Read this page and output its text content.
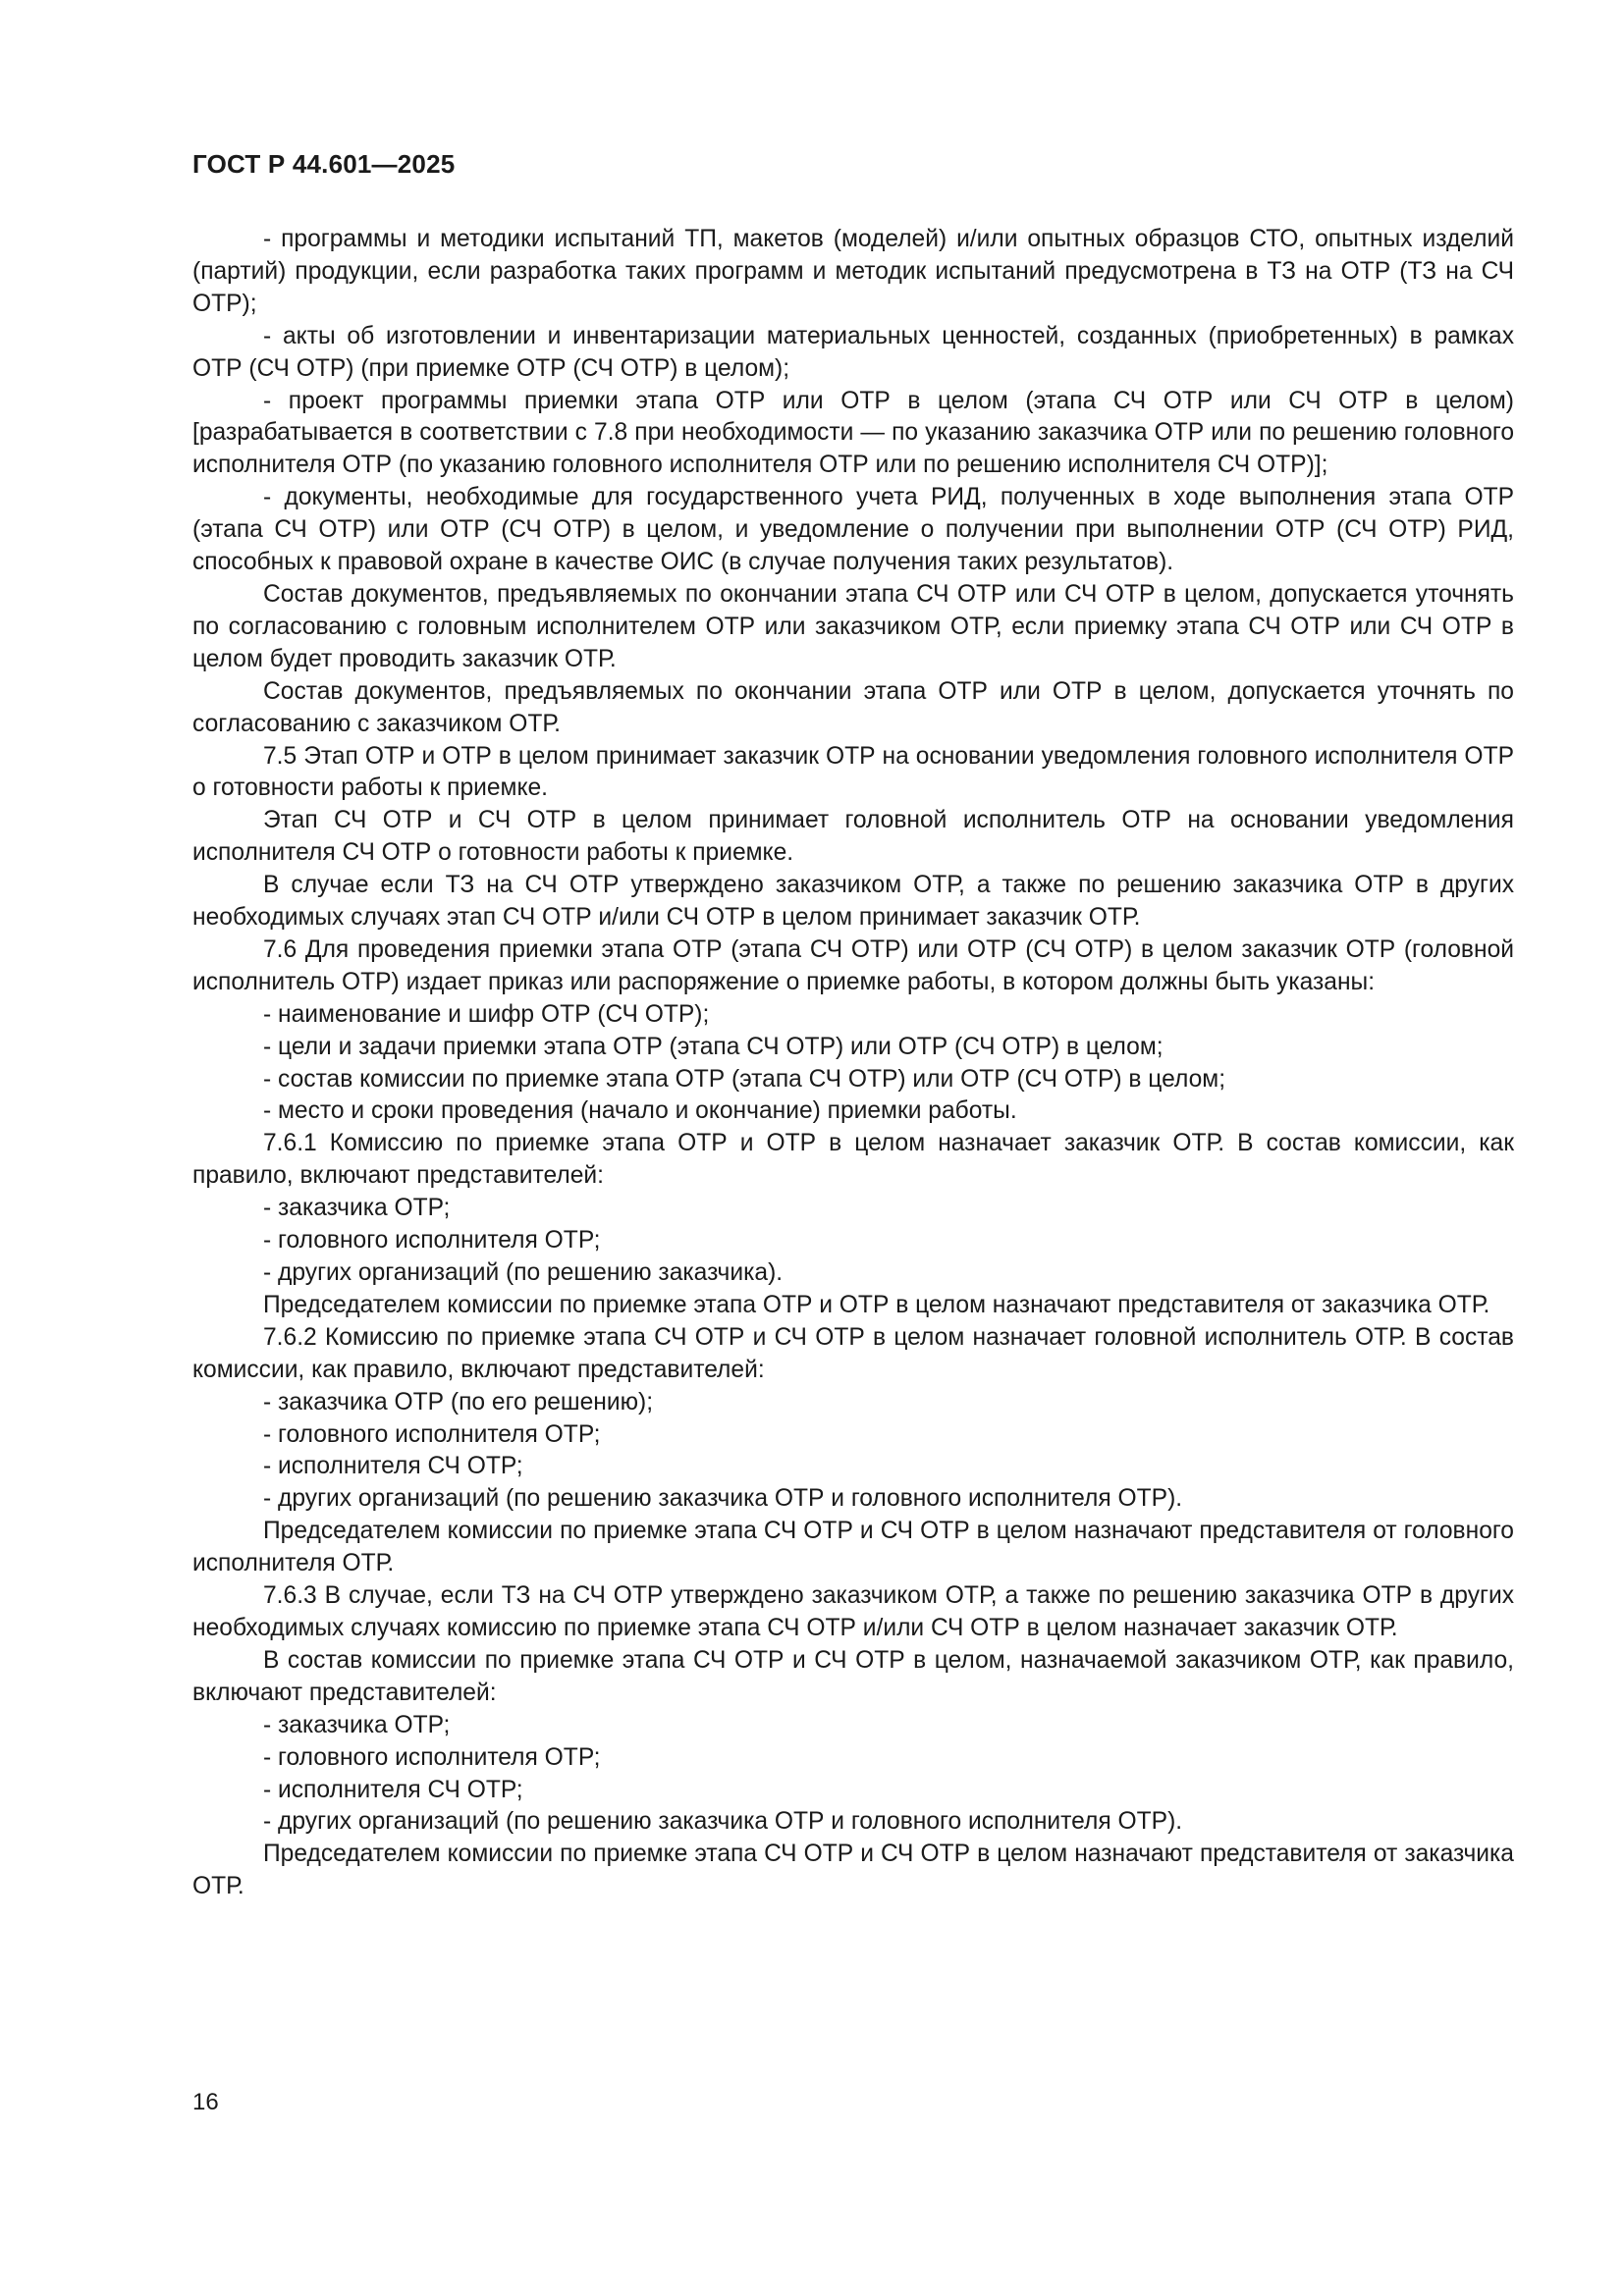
ГОСТ Р 44.601—2025

- программы и методики испытаний ТП, макетов (моделей) и/или опытных образцов СТО, опытных изделий (партий) продукции, если разработка таких программ и методик испытаний предусмотрена в ТЗ на ОТР (ТЗ на СЧ ОТР);

- акты об изготовлении и инвентаризации материальных ценностей, созданных (приобретенных) в рамках ОТР (СЧ ОТР) (при приемке ОТР (СЧ ОТР) в целом);

- проект программы приемки этапа ОТР или ОТР в целом (этапа СЧ ОТР или СЧ ОТР в целом) [разрабатывается в соответствии с 7.8 при необходимости — по указанию заказчика ОТР или по решению головного исполнителя ОТР (по указанию головного исполнителя ОТР или по решению исполнителя СЧ ОТР)];

- документы, необходимые для государственного учета РИД, полученных в ходе выполнения этапа ОТР (этапа СЧ ОТР) или ОТР (СЧ ОТР) в целом, и уведомление о получении при выполнении ОТР (СЧ ОТР) РИД, способных к правовой охране в качестве ОИС (в случае получения таких результатов).

Состав документов, предъявляемых по окончании этапа СЧ ОТР или СЧ ОТР в целом, допускается уточнять по согласованию с головным исполнителем ОТР или заказчиком ОТР, если приемку этапа СЧ ОТР или СЧ ОТР в целом будет проводить заказчик ОТР.

Состав документов, предъявляемых по окончании этапа ОТР или ОТР в целом, допускается уточнять по согласованию с заказчиком ОТР.

7.5 Этап ОТР и ОТР в целом принимает заказчик ОТР на основании уведомления головного исполнителя ОТР о готовности работы к приемке.

Этап СЧ ОТР и СЧ ОТР в целом принимает головной исполнитель ОТР на основании уведомления исполнителя СЧ ОТР о готовности работы к приемке.

В случае если ТЗ на СЧ ОТР утверждено заказчиком ОТР, а также по решению заказчика ОТР в других необходимых случаях этап СЧ ОТР и/или СЧ ОТР в целом принимает заказчик ОТР.

7.6 Для проведения приемки этапа ОТР (этапа СЧ ОТР) или ОТР (СЧ ОТР) в целом заказчик ОТР (головной исполнитель ОТР) издает приказ или распоряжение о приемке работы, в котором должны быть указаны:

- наименование и шифр ОТР (СЧ ОТР);

- цели и задачи приемки этапа ОТР (этапа СЧ ОТР) или ОТР (СЧ ОТР) в целом;

- состав комиссии по приемке этапа ОТР (этапа СЧ ОТР) или ОТР (СЧ ОТР) в целом;

- место и сроки проведения (начало и окончание) приемки работы.

7.6.1 Комиссию по приемке этапа ОТР и ОТР в целом назначает заказчик ОТР. В состав комиссии, как правило, включают представителей:

- заказчика ОТР;

- головного исполнителя ОТР;

- других организаций (по решению заказчика).

Председателем комиссии по приемке этапа ОТР и ОТР в целом назначают представителя от заказчика ОТР.

7.6.2 Комиссию по приемке этапа СЧ ОТР и СЧ ОТР в целом назначает головной исполнитель ОТР. В состав комиссии, как правило, включают представителей:

- заказчика ОТР (по его решению);

- головного исполнителя ОТР;

- исполнителя СЧ ОТР;

- других организаций (по решению заказчика ОТР и головного исполнителя ОТР).

Председателем комиссии по приемке этапа СЧ ОТР и СЧ ОТР в целом назначают представителя от головного исполнителя ОТР.

7.6.3 В случае, если ТЗ на СЧ ОТР утверждено заказчиком ОТР, а также по решению заказчика ОТР в других необходимых случаях комиссию по приемке этапа СЧ ОТР и/или СЧ ОТР в целом назначает заказчик ОТР.

В состав комиссии по приемке этапа СЧ ОТР и СЧ ОТР в целом, назначаемой заказчиком ОТР, как правило, включают представителей:

- заказчика ОТР;

- головного исполнителя ОТР;

- исполнителя СЧ ОТР;

- других организаций (по решению заказчика ОТР и головного исполнителя ОТР).

Председателем комиссии по приемке этапа СЧ ОТР и СЧ ОТР в целом назначают представителя от заказчика ОТР.

16
